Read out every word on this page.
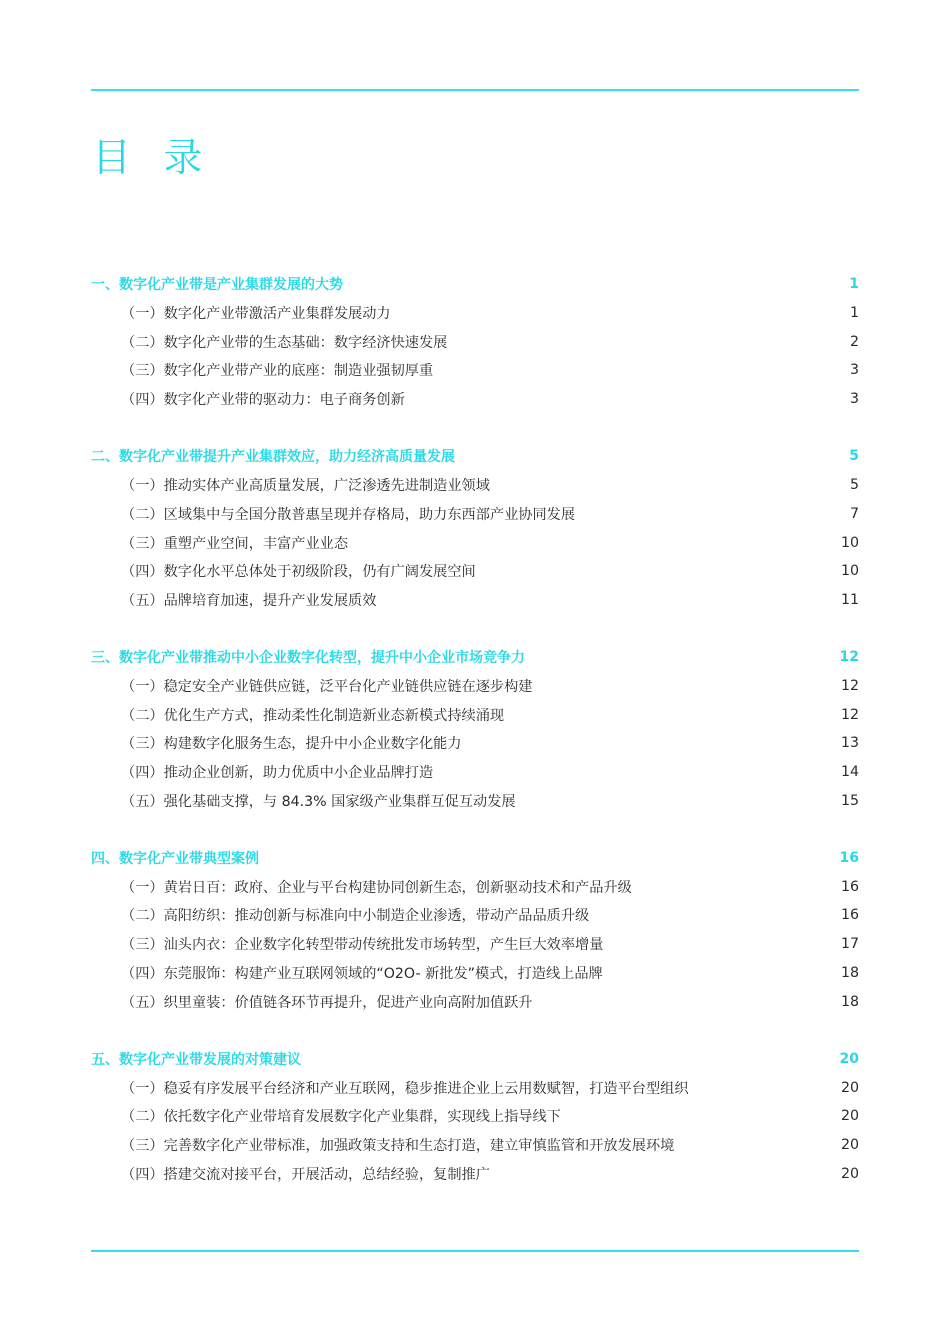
目 录
一、数字化产业带是产业集群发展的大势	1
（一）数字化产业带激活产业集群发展动力	1
（二）数字化产业带的生态基础：数字经济快速发展	2
（三）数字化产业带产业的底座：制造业强韧厚重	3
（四）数字化产业带的驱动力：电子商务创新	3
二、数字化产业带提升产业集群效应，助力经济高质量发展	5
（一）推动实体产业高质量发展，广泛渗透先进制造业领域	5
（二）区域集中与全国分散普惠呈现并存格局，助力东西部产业协同发展	7
（三）重塑产业空间，丰富产业业态	10
（四）数字化水平总体处于初级阶段，仍有广阔发展空间	10
（五）品牌培育加速，提升产业发展质效	11
三、数字化产业带推动中小企业数字化转型，提升中小企业市场竞争力	12
（一）稳定安全产业链供应链，泛平台化产业链供应链在逐步构建	12
（二）优化生产方式，推动柔性化制造新业态新模式持续涌现	12
（三）构建数字化服务生态，提升中小企业数字化能力	13
（四）推动企业创新，助力优质中小企业品牌打造	14
（五）强化基础支撑，与 84.3% 国家级产业集群互促互动发展	15
四、数字化产业带典型案例	16
（一）黄岩日百：政府、企业与平台构建协同创新生态，创新驱动技术和产品升级	16
（二）高阳纺织：推动创新与标准向中小制造企业渗透，带动产品品质升级	16
（三）汕头内衣：企业数字化转型带动传统批发市场转型，产生巨大效率增量	17
（四）东莞服饰：构建产业互联网领域的“O2O- 新批发”模式，打造线上品牌	18
（五）织里童装：价值链各环节再提升，促进产业向高附加值跃升	18
五、数字化产业带发展的对策建议	20
（一）稳妥有序发展平台经济和产业互联网，稳步推进企业上云用数赋智，打造平台型组织	20
（二）依托数字化产业带培育发展数字化产业集群，实现线上指导线下	20
（三）完善数字化产业带标准，加强政策支持和生态打造，建立审慎监管和开放发展环境	20
（四）搭建交流对接平台，开展活动，总结经验，复制推广	20
